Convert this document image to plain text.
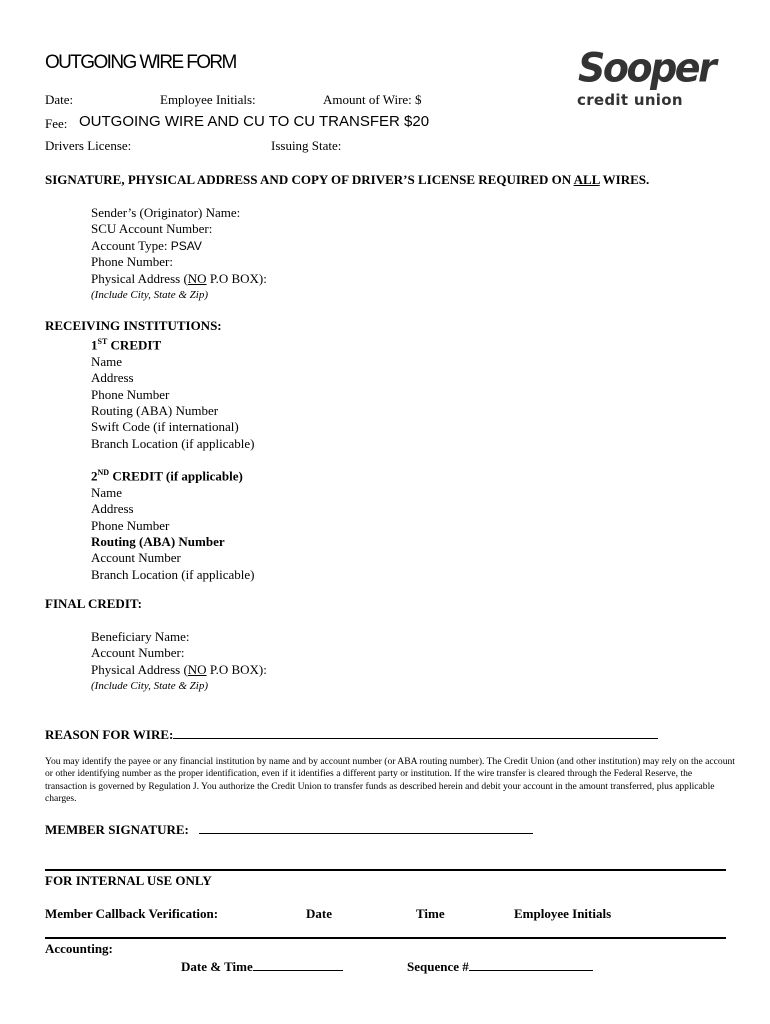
OUTGOING WIRE FORM	Sooper
credit union
Date:	Employee Initials:	Amount of Wire: $
Fee: OUTGOING WIRE AND CU TO CU TRANSFER $20
Drivers License:	Issuing State:
SIGNATURE, PHYSICAL ADDRESS AND COPY OF DRIVER’S LICENSE REQUIRED ON ALL WIRES.
Sender’s (Originator) Name:
SCU Account Number:
Account Type: PSAV
Phone Number:
Physical Address (NO P.O BOX):
(Include City, State & Zip)
RECEIVING INSTITUTIONS:
1ST CREDIT
Name
Address
Phone Number
Routing (ABA) Number
Swift Code (if international)
Branch Location (if applicable)
2ND CREDIT (if applicable)
Name
Address
Phone Number
Routing (ABA) Number
Account Number
Branch Location (if applicable)
FINAL CREDIT:
Beneficiary Name:
Account Number:
Physical Address (NO P.O BOX):
(Include City, State & Zip)
REASON FOR WIRE:
You may identify the payee or any financial institution by name and by account number (or ABA routing number). The Credit Union (and other institution) may rely on the account or other identifying number as the proper identification, even if it identifies a different party or institution. If the wire transfer is cleared through the Federal Reserve, the transaction is governed by Regulation J. You authorize the Credit Union to transfer funds as described herein and debit your account in the amount transferred, plus applicable charges.
MEMBER SIGNATURE:
FOR INTERNAL USE ONLY
Member Callback Verification:	Date	Time	Employee Initials
Accounting:
Date & Time	Sequence #
